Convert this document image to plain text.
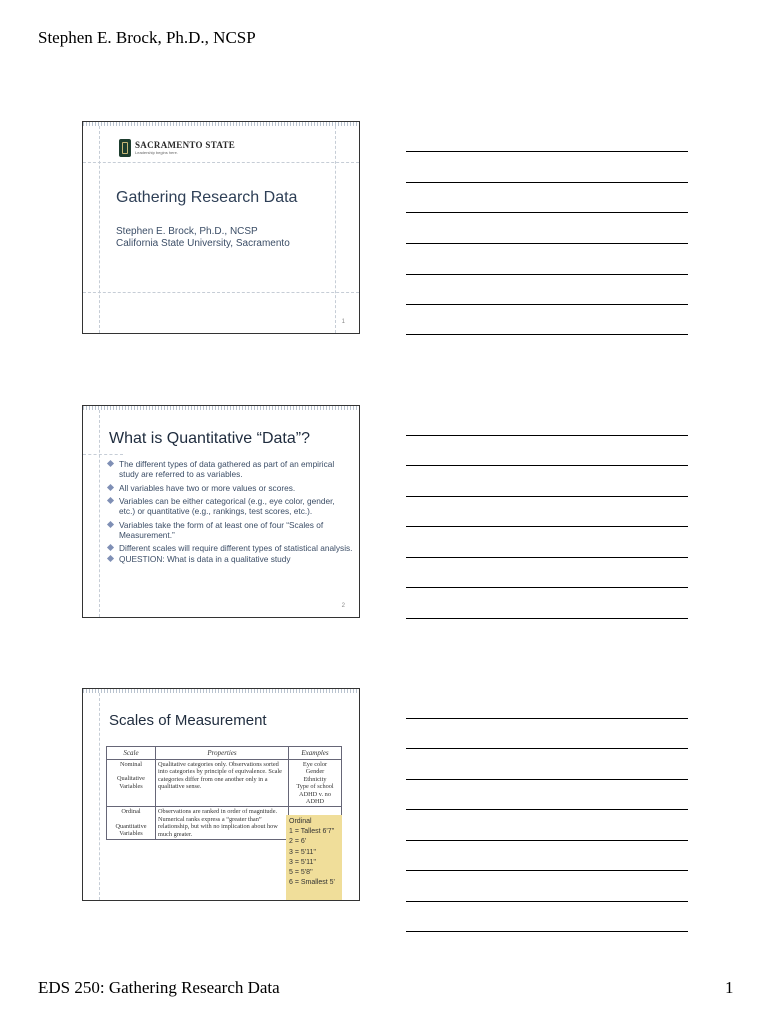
Stephen E. Brock, Ph.D., NCSP
SACRAMENTO STATE
Leadership begins here.
Gathering Research Data
Stephen E. Brock, Ph.D., NCSP
California State University, Sacramento
1
What is Quantitative “Data”?
The different types of data gathered as part of an empirical study are referred to as variables.
All variables have two or more values or scores.
Variables can be either categorical (e.g., eye color, gender, etc.) or quantitative (e.g., rankings, test scores, etc.).
Variables take the form of at least one of four “Scales of Measurement.”
Different scales will require different types of statistical analysis.
QUESTION: What is data in a qualitative study
2
Scales of Measurement
Scale	Properties	Examples

Nominal
Qualitative
Variables	Qualitative categories only. Observations sorted into categories by principle of equivalence. Scale categories differ from one another only in a qualitative sense.	Eye color
Gender
Ethnicity
Type of school
ADHD v. no ADHD

Ordinal
Quantitative
Variables	Observations are ranked in order of magnitude. Numerical ranks express a “greater than” relationship, but with no implication about how much greater.	
Ordinal
1 = Tallest 6'7''
2 = 6'
3 = 5'11''
3 = 5'11''
5 = 5'8''
6 = Smallest 5'
EDS 250: Gathering Research Data	1
